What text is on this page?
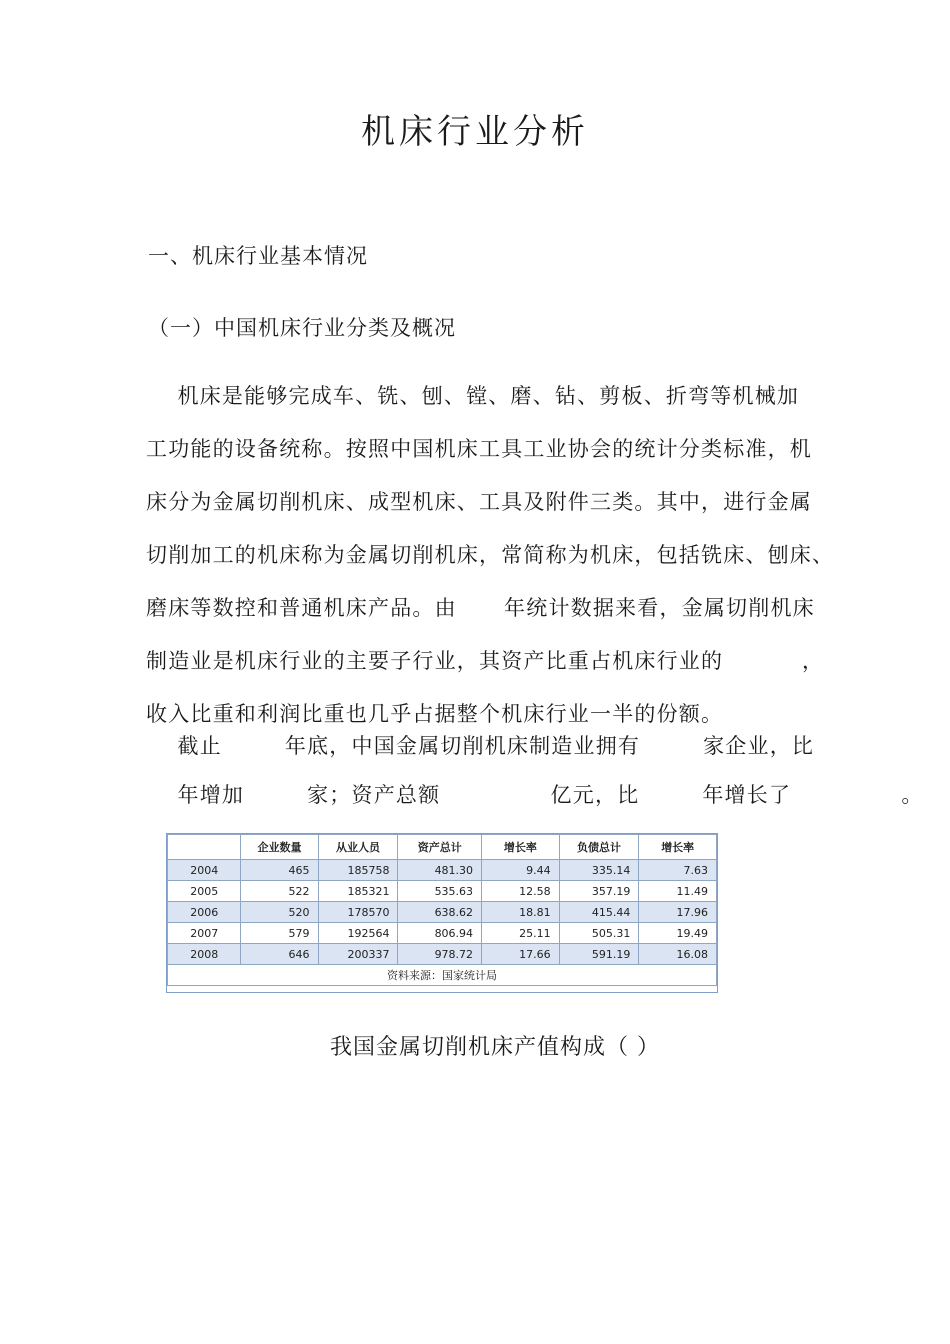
机床行业分析
一、机床行业基本情况
（一）中国机床行业分类及概况
机床是能够完成车、铣、刨、镗、磨、钻、剪板、折弯等机械加
工功能的设备统称。按照中国机床工具工业协会的统计分类标准，机
床分为金属切削机床、成型机床、工具及附件三类。其中，进行金属
切削加工的机床称为金属切削机床，常简称为机床，包括铣床、刨床、
磨床等数控和普通机床产品。由      年统计数据来看，金属切削机床
制造业是机床行业的主要子行业，其资产比重占机床行业的          ，
收入比重和利润比重也几乎占据整个机床行业一半的份额。
截止        年底，中国金属切削机床制造业拥有        家企业，比
年增加        家；资产总额              亿元，比        年增长了              。
	企业数量	从业人员	资产总计	增长率	负债总计	增长率
2004	465	185758	481.30	9.44	335.14	7.63
2005	522	185321	535.63	12.58	357.19	11.49
2006	520	178570	638.62	18.81	415.44	17.96
2007	579	192564	806.94	25.11	505.31	19.49
2008	646	200337	978.72	17.66	591.19	16.08
资料来源：国家统计局						
我国金属切削机床产值构成（ ）
